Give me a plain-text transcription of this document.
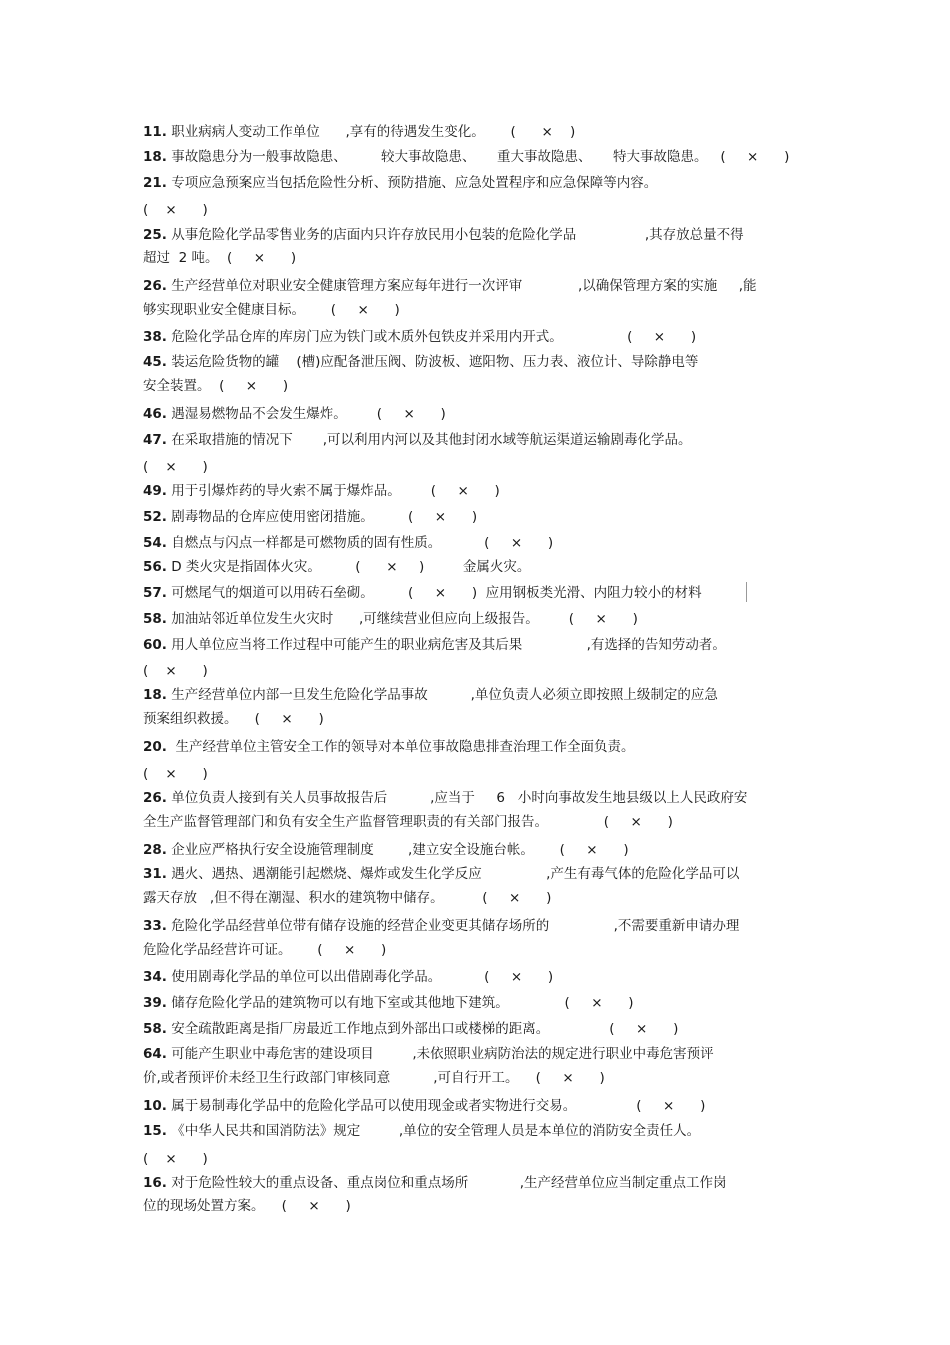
11. 职业病病人变动工作单位      ,享有的待遇发生变化。      (      ×    )
18. 事故隐患分为一般事故隐患、        较大事故隐患、     重大事故隐患、     特大事故隐患。   (     ×      )
21. 专项应急预案应当包括危险性分析、预防措施、应急处置程序和应急保障等内容。
(    ×      )
25. 从事危险化学品零售业务的店面内只许存放民用小包装的危险化学品                ,其存放总量不得
超过  2 吨。  (     ×      )
26. 生产经营单位对职业安全健康管理方案应每年进行一次评审             ,以确保管理方案的实施     ,能
够实现职业安全健康目标。      (     ×      )
38. 危险化学品仓库的库房门应为铁门或木质外包铁皮并采用内开式。               (     ×      )
45. 装运危险货物的罐    (槽)应配备泄压阀、防波板、遮阳物、压力表、液位计、导除静电等
安全装置。  (     ×      )
46. 遇湿易燃物品不会发生爆炸。       (     ×      )
47. 在采取措施的情况下       ,可以利用内河以及其他封闭水域等航运渠道运输剧毒化学品。
(    ×      )
49. 用于引爆炸药的导火索不属于爆炸品。       (     ×      )
52. 剧毒物品的仓库应使用密闭措施。        (     ×      )
54. 自燃点与闪点一样都是可燃物质的固有性质。          (     ×      )
56. D 类火灾是指固体火灾。        (      ×     )         金属火灾。
57. 可燃尾气的烟道可以用砖石垒砌。        (     ×      )  应用钢板类光滑、内阻力较小的材料
58. 加油站邻近单位发生火灾时      ,可继续营业但应向上级报告。       (     ×      )
60. 用人单位应当将工作过程中可能产生的职业病危害及其后果               ,有选择的告知劳动者。
(    ×      )
18. 生产经营单位内部一旦发生危险化学品事故          ,单位负责人必须立即按照上级制定的应急
预案组织救援。    (     ×      )
20.  生产经营单位主管安全工作的领导对本单位事故隐患排查治理工作全面负责。
(    ×      )
26. 单位负责人接到有关人员事故报告后          ,应当于     6   小时向事故发生地县级以上人民政府安
全生产监督管理部门和负有安全生产监督管理职责的有关部门报告。             (     ×      )
28. 企业应严格执行安全设施管理制度        ,建立安全设施台帐。      (     ×      )
31. 遇火、遇热、遇潮能引起燃烧、爆炸或发生化学反应               ,产生有毒气体的危险化学品可以
露天存放   ,但不得在潮湿、积水的建筑物中储存。         (     ×      )
33. 危险化学品经营单位带有储存设施的经营企业变更其储存场所的               ,不需要重新申请办理
危险化学品经营许可证。      (     ×      )
34. 使用剧毒化学品的单位可以出借剧毒化学品。          (     ×      )
39. 储存危险化学品的建筑物可以有地下室或其他地下建筑。             (     ×      )
58. 安全疏散距离是指厂房最近工作地点到外部出口或楼梯的距离。              (     ×      )
64. 可能产生职业中毒危害的建设项目         ,未依照职业病防治法的规定进行职业中毒危害预评
价,或者预评价未经卫生行政部门审核同意          ,可自行开工。    (     ×      )
10. 属于易制毒化学品中的危险化学品可以使用现金或者实物进行交易。              (     ×      )
15. 《中华人民共和国消防法》规定         ,单位的安全管理人员是本单位的消防安全责任人。
(    ×      )
16. 对于危险性较大的重点设备、重点岗位和重点场所            ,生产经营单位应当制定重点工作岗
位的现场处置方案。    (     ×      )
